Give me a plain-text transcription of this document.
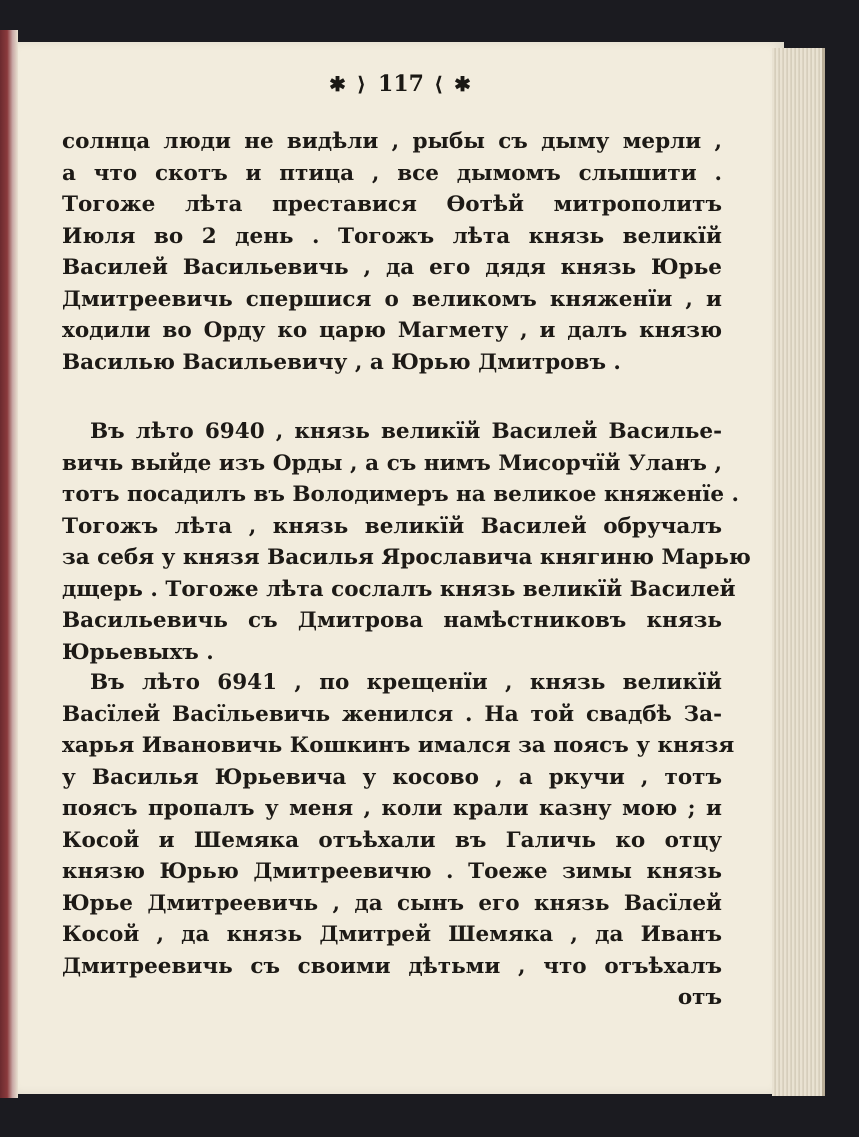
✱ ⟩ 117 ⟨ ✱
солнца люди не видѣли , рыбы съ дыму мерли ,
а что скотъ и птица , все дымомъ слышити .
Тогоже лѣта преставися Ѳотѣй митрополитъ
Июля во 2 день . Тогожъ лѣта князь великїй
Василей Васильевичь , да его дядя князь Юрье
Дмитреевичь спершися о великомъ княженїи , и
ходили во Орду ко царю Магмету , и далъ князю
Василью Васильевичу , а Юрью Дмитровъ .
Въ лѣто 6940 , князь великїй Василей Василье-
вичь выйде изъ Орды , а съ нимъ Мисорчїй Уланъ ,
тотъ посадилъ въ Володимеръ на великое княженїе .
Тогожъ лѣта , князь великїй Василей обручалъ
за себя у князя Василья Ярославича княгиню Марью
дщерь . Тогоже лѣта сослалъ князь великїй Василей
Васильевичь съ Дмитрова намѣстниковъ князь
Юрьевыхъ .
Въ лѣто 6941 , по крещенїи , князь великїй
Васїлей Васїльевичь женился . На той свадбѣ За-
харья Ивановичь Кошкинъ имался за поясъ у князя
у Василья Юрьевича у косово , а ркучи , тотъ
поясъ пропалъ у меня , коли крали казну мою ; и
Косой и Шемяка отъѣхали въ Галичь ко отцу
князю Юрью Дмитреевичю . Тоеже зимы князь
Юрье Дмитреевичь , да сынъ его князь Васїлей
Косой , да князь Дмитрей Шемяка , да Иванъ
Дмитреевичь съ своими дѣтьми , что отъѣхалъ
отъ
